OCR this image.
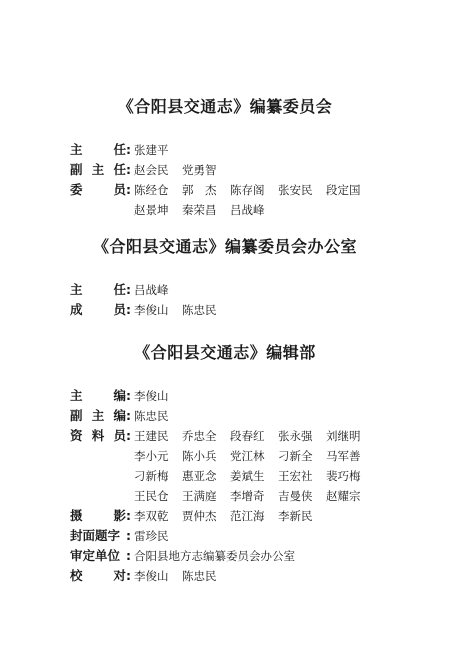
《合阳县交通志》编纂委员会
主　任 : 张建平
副主任 : 赵会民	党勇智
委　员 : 陈经仓	郭　杰	陈存阁	张安民	段定国
赵景坤	秦荣昌	吕战峰
《合阳县交通志》编纂委员会办公室
主　任 : 吕战峰
成　员 : 李俊山	陈忠民
《合阳县交通志》编辑部
主　编 : 李俊山
副主编 : 陈忠民
资料员 : 王建民	乔忠全	段春红	张永强	刘继明
李小元	陈小兵	党江林	刁新全	马军善
刁新梅	惠亚念	姜斌生	王宏社	裴巧梅
王民仓	王满庭	李增奇	吉曼侠	赵耀宗
摄　影 : 李双乾	贾仲杰	范江海	李新民
封面题字 : 雷珍民
审定单位 : 合阳县地方志编纂委员会办公室
校　对 : 李俊山	陈忠民
